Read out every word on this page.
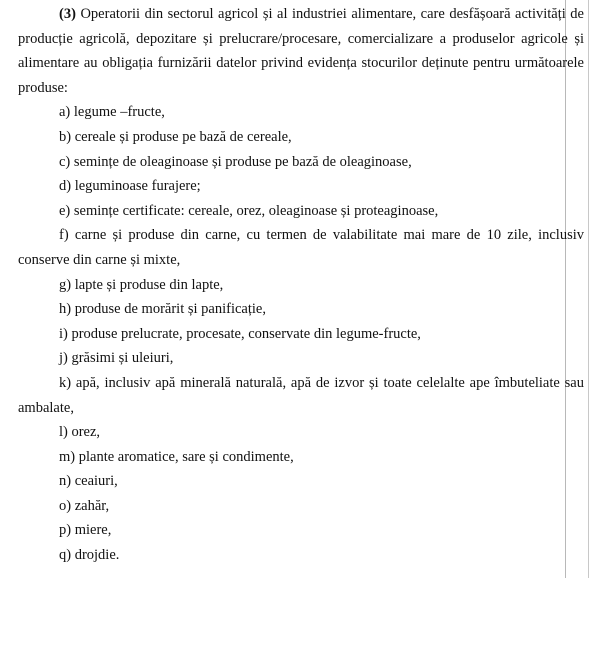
(3) Operatorii din sectorul agricol și al industriei alimentare, care desfășoară activități de producție agricolă, depozitare și prelucrare/procesare, comercializare a produselor agricole și alimentare au obligația furnizării datelor privind evidența stocurilor deținute pentru următoarele produse:

a) legume –fructe,

b) cereale și produse pe bază de cereale,

c) semințe de oleaginoase și produse pe bază de oleaginoase,

d) leguminoase furajere;

e) semințe certificate: cereale, orez, oleaginoase și proteaginoase,

f) carne și produse din carne, cu termen de valabilitate mai mare de 10 zile, inclusiv conserve din carne și mixte,

g) lapte și produse din lapte,

h) produse de morărit și panificație,

i) produse prelucrate, procesate, conservate din legume-fructe,

j) grăsimi și uleiuri,

k) apă, inclusiv apă minerală naturală, apă de izvor și toate celelalte ape îmbuteliate sau ambalate,

l) orez,

m) plante aromatice, sare și condimente,

n) ceaiuri,

o) zahăr,

p) miere,

q) drojdie.
